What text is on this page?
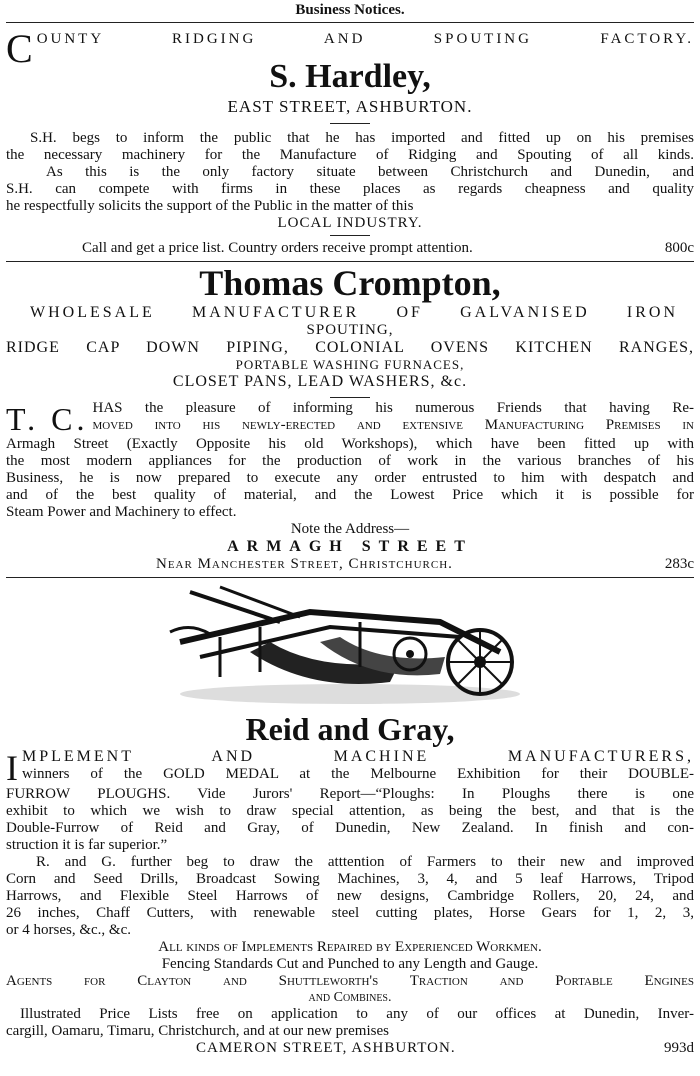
Business Notices.
C OUNTY RIDGING AND SPOUTING FACTORY.
S. Hardley,
EAST STREET, ASHBURTON.
S.H. begs to inform the public that he has imported and fitted up on his premises
the necessary machinery for the Manufacture of Ridging and Spouting of all kinds.
As this is the only factory situate between Christchurch and Dunedin, and
S.H. can compete with firms in these places as regards cheapness and quality
he respectfully solicits the support of the Public in the matter of this
LOCAL INDUSTRY.
Call and get a price list. Country orders receive prompt attention.	800c
Thomas Crompton,
WHOLESALE MANUFACTURER OF GALVANISED IRON
SPOUTING,
RIDGE CAP DOWN PIPING, COLONIAL OVENS KITCHEN RANGES,
PORTABLE WASHING FURNACES,
CLOSET PANS, LEAD WASHERS, &c.
T. C. HAS the pleasure of informing his numerous Friends that having Re-
moved into his newly-erected and extensive Manufacturing Premises in
Armagh Street (Exactly Opposite his old Workshops), which have been fitted up with
the most modern appliances for the production of work in the various branches of his
Business, he is now prepared to execute any order entrusted to him with despatch and
and of the best quality of material, and the Lowest Price which it is possible for
Steam Power and Machinery to effect.
Note the Address—
ARMAGH STREET
Near Manchester Street, Christchurch.	283c
Reid and Gray,
I MPLEMENT AND MACHINE MANUFACTURERS,
winners of the GOLD MEDAL at the Melbourne Exhibition for their DOUBLE-
FURROW PLOUGHS. Vide Jurors' Report—“Ploughs: In Ploughs there is one
exhibit to which we wish to draw special attention, as being the best, and that is the
Double-Furrow of Reid and Gray, of Dunedin, New Zealand. In finish and con-
struction it is far superior.”
R. and G. further beg to draw the atttention of Farmers to their new and improved
Corn and Seed Drills, Broadcast Sowing Machines, 3, 4, and 5 leaf Harrows, Tripod
Harrows, and Flexible Steel Harrows of new designs, Cambridge Rollers, 20, 24, and
26 inches, Chaff Cutters, with renewable steel cutting plates, Horse Gears for 1, 2, 3,
or 4 horses, &c., &c.
All kinds of Implements Repaired by Experienced Workmen.
Fencing Standards Cut and Punched to any Length and Gauge.
Agents for Clayton and Shuttleworth's Traction and Portable Engines
and Combines.
Illustrated Price Lists free on application to any of our offices at Dunedin, Inver-
cargill, Oamaru, Timaru, Christchurch, and at our new premises
CAMERON STREET, ASHBURTON.	993d
